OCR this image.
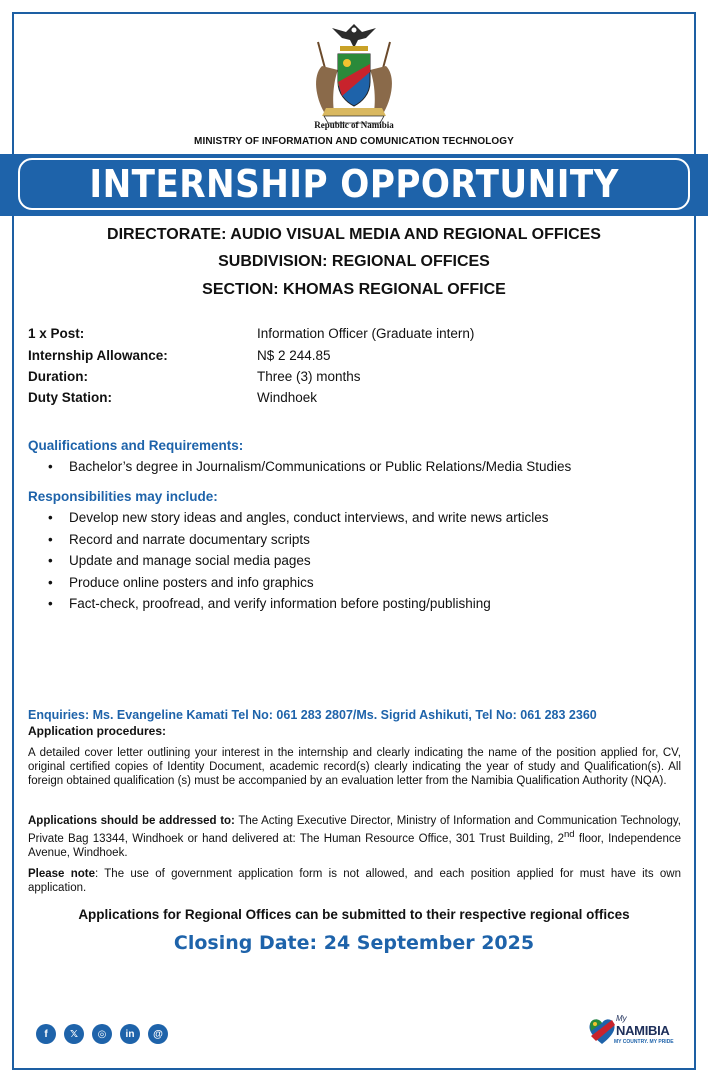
Republic of Namibia
MINISTRY OF INFORMATION AND COMUNICATION TECHNOLOGY
INTERNSHIP OPPORTUNITY
DIRECTORATE: AUDIO VISUAL MEDIA AND REGIONAL OFFICES
SUBDIVISION: REGIONAL OFFICES
SECTION: KHOMAS REGIONAL OFFICE
1 x Post:	Information Officer (Graduate intern)
Internship Allowance:	N$ 2 244.85
Duration:	Three (3) months
Duty Station:	Windhoek
Qualifications and Requirements:
• Bachelor’s degree in Journalism/Communications or Public Relations/Media Studies
Responsibilities may include:
• Develop new story ideas and angles, conduct interviews, and write news articles
• Record and narrate documentary scripts
• Update and manage social media pages
• Produce online posters and info graphics
• Fact-check, proofread, and verify information before posting/publishing
Enquiries: Ms. Evangeline Kamati Tel No: 061 283 2807/Ms. Sigrid Ashikuti, Tel No: 061 283 2360
Application procedures:
A detailed cover letter outlining your interest in the internship and clearly indicating the name of the position applied for, CV, original certified copies of Identity Document, academic record(s) clearly indicating the year of study and Qualification(s). All foreign obtained qualification (s) must be accompanied by an evaluation letter from the Namibia Qualification Authority (NQA).
Applications should be addressed to: The Acting Executive Director, Ministry of Information and Communication Technology, Private Bag 13344, Windhoek or hand delivered at: The Human Resource Office, 301 Trust Building, 2nd floor, Independence Avenue, Windhoek.
Please note: The use of government application form is not allowed, and each position applied for must have its own application.
Applications for Regional Offices can be submitted to their respective regional offices
Closing Date: 24 September 2025
f	𝕏	◎	in	@
My
NAMIBIA
MY COUNTRY. MY PRIDE
